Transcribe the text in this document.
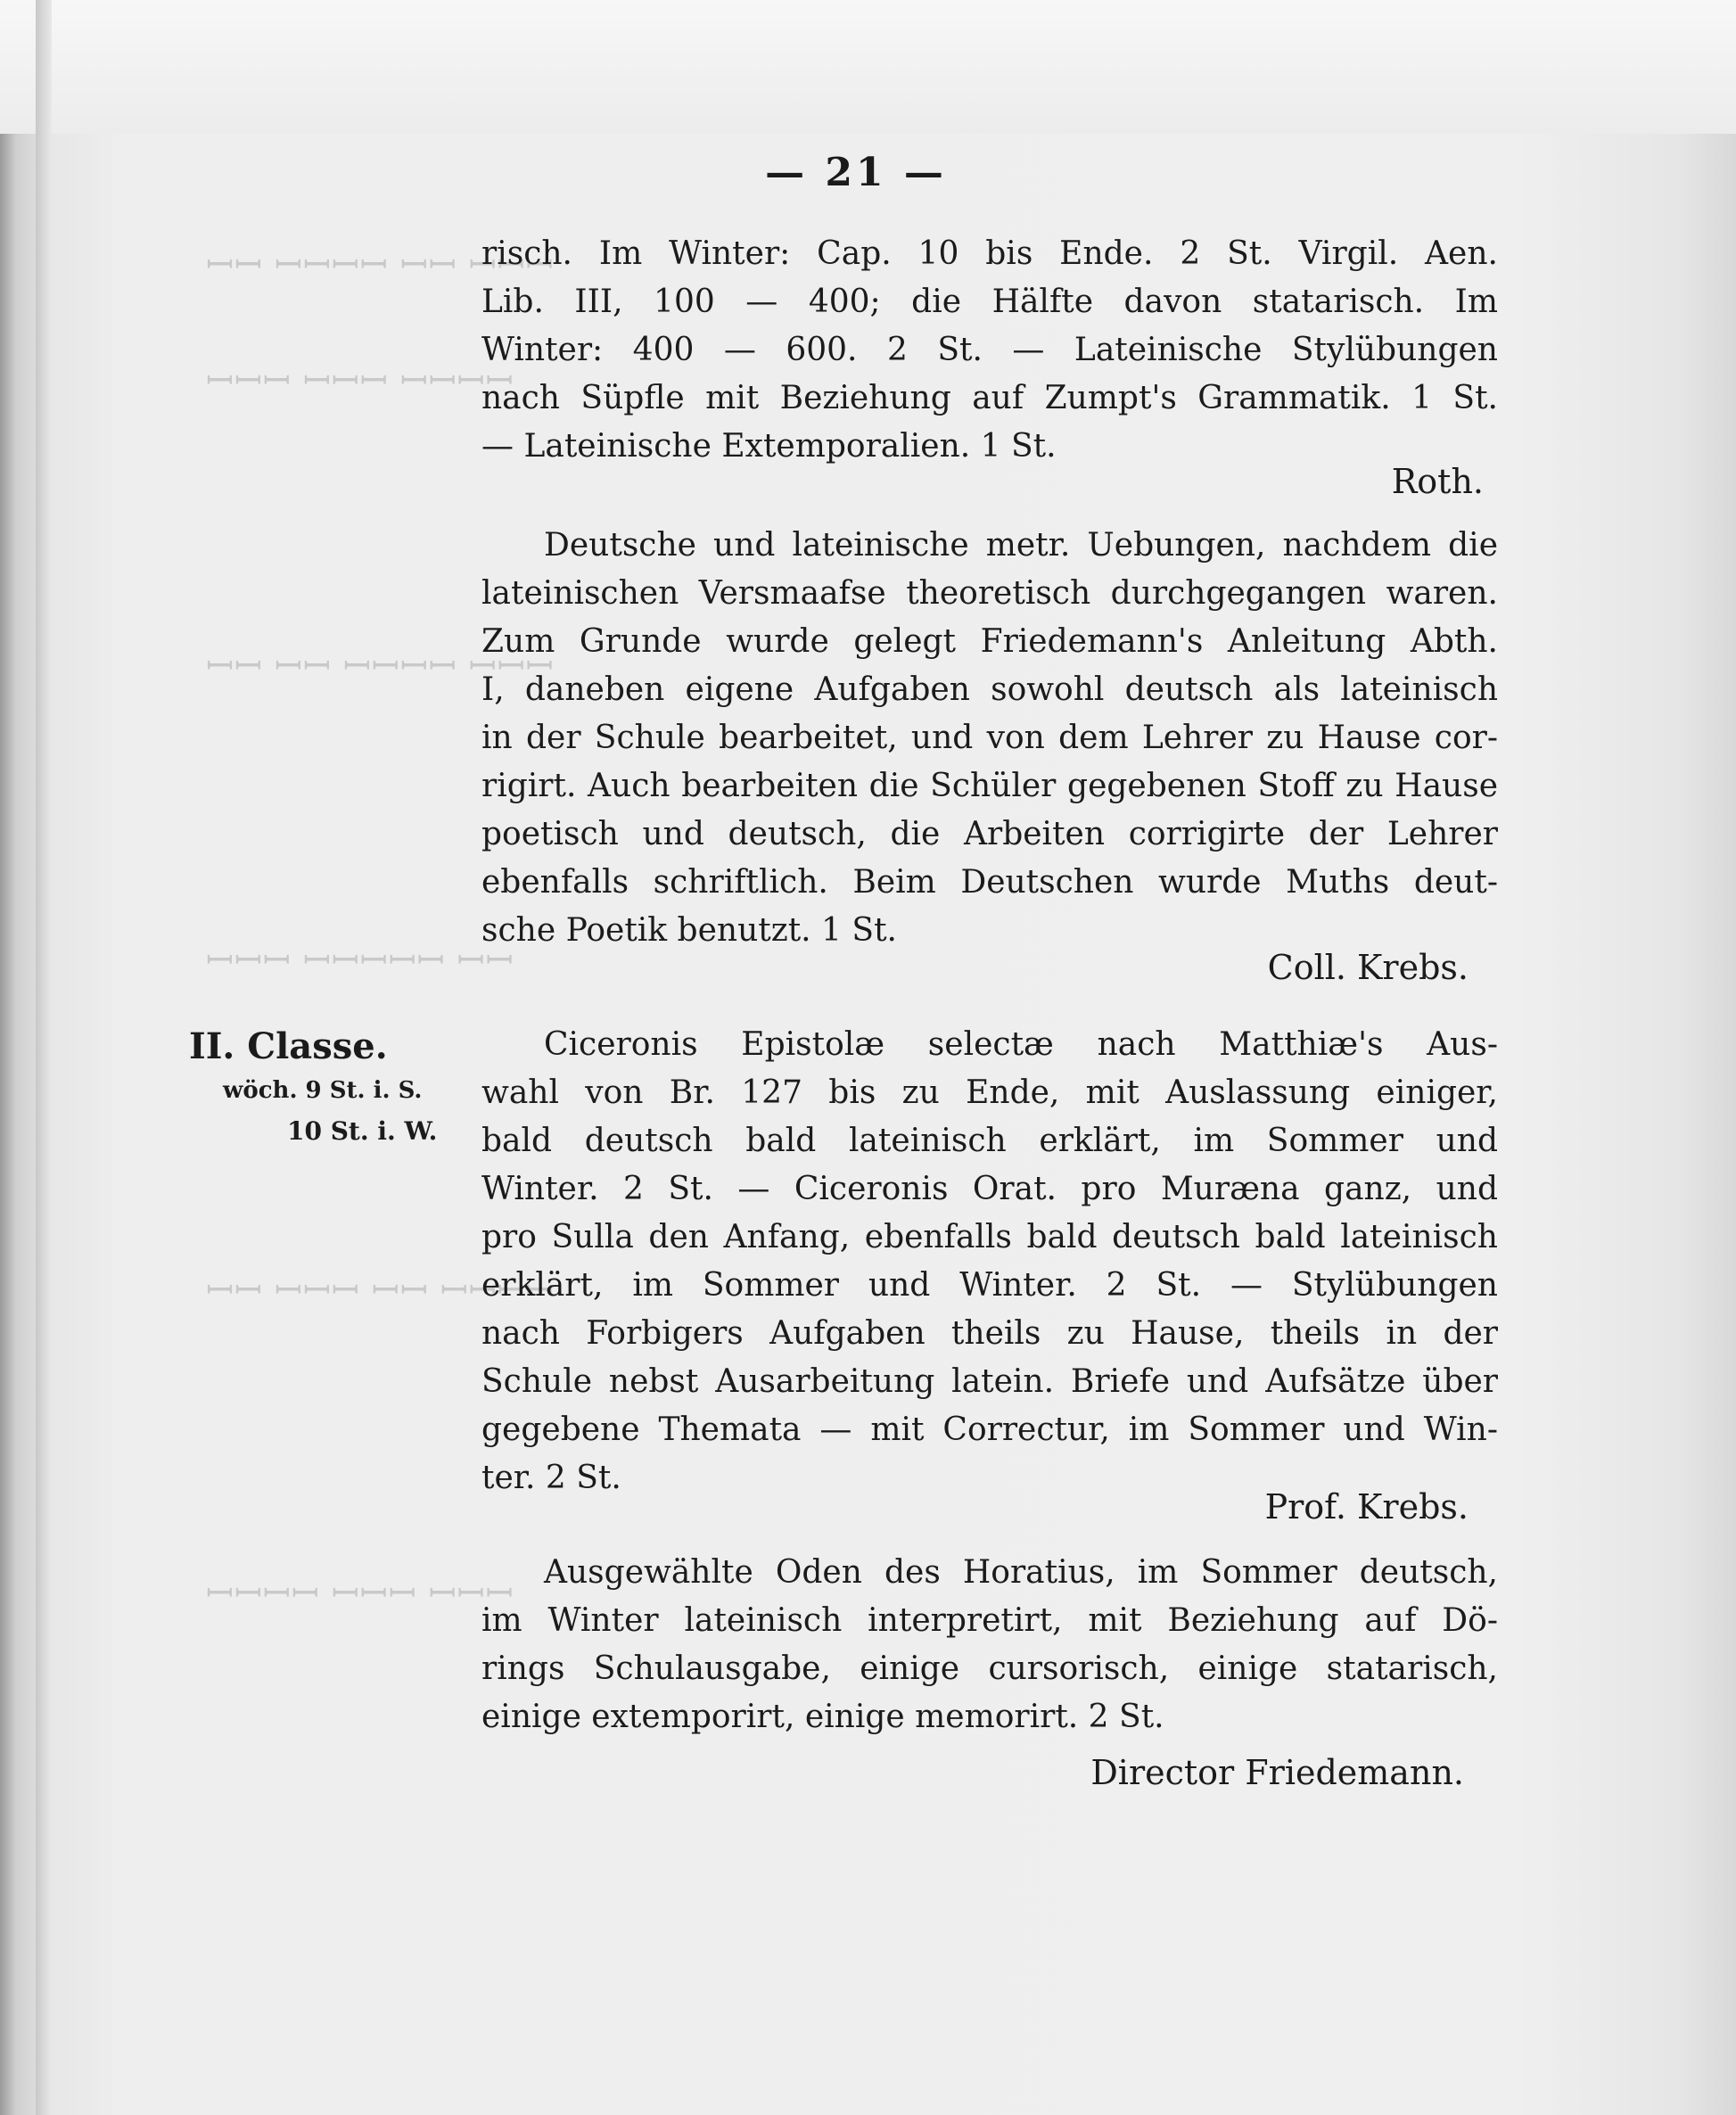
ꟷꟷꟷ ꟷꟷ ꟷꟷꟷꟷ ꟷꟷ
ꟷꟷꟷꟷ ꟷꟷꟷ ꟷꟷꟷ
ꟷꟷꟷ ꟷꟷꟷꟷ ꟷꟷ ꟷꟷ
ꟷꟷ ꟷꟷꟷꟷꟷ ꟷꟷꟷ
ꟷꟷꟷꟷ ꟷꟷ ꟷꟷꟷ ꟷꟷ
ꟷꟷꟷ ꟷꟷꟷ ꟷꟷꟷꟷ
— 21 —
risch. Im Winter: Cap. 10 bis Ende. 2 St. Virgil. Aen.
Lib. III, 100 — 400; die Hälfte davon statarisch. Im
Winter: 400 — 600. 2 St. — Lateinische Stylübungen
nach Süpfle mit Beziehung auf Zumpt's Grammatik. 1 St.
— Lateinische Extemporalien. 1 St.
Roth.
Deutsche und lateinische metr. Uebungen, nachdem die
lateinischen Versmaafse theoretisch durchgegangen waren.
Zum Grunde wurde gelegt Friedemann's Anleitung Abth.
I, daneben eigene Aufgaben sowohl deutsch als lateinisch
in der Schule bearbeitet, und von dem Lehrer zu Hause cor-
rigirt. Auch bearbeiten die Schüler gegebenen Stoff zu Hause
poetisch und deutsch, die Arbeiten corrigirte der Lehrer
ebenfalls schriftlich. Beim Deutschen wurde Muths deut-
sche Poetik benutzt. 1 St.
Coll. Krebs.
II. Classe.
wöch. 9 St. i. S.
10 St. i. W.
Ciceronis Epistolæ selectæ nach Matthiæ's Aus-
wahl von Br. 127 bis zu Ende, mit Auslassung einiger,
bald deutsch bald lateinisch erklärt, im Sommer und
Winter. 2 St. — Ciceronis Orat. pro Muræna ganz, und
pro Sulla den Anfang, ebenfalls bald deutsch bald lateinisch
erklärt, im Sommer und Winter. 2 St. — Stylübungen
nach Forbigers Aufgaben theils zu Hause, theils in der
Schule nebst Ausarbeitung latein. Briefe und Aufsätze über
gegebene Themata — mit Correctur, im Sommer und Win-
ter. 2 St.
Prof. Krebs.
Ausgewählte Oden des Horatius, im Sommer deutsch,
im Winter lateinisch interpretirt, mit Beziehung auf Dö-
rings Schulausgabe, einige cursorisch, einige statarisch,
einige extemporirt, einige memorirt. 2 St.
Director Friedemann.
